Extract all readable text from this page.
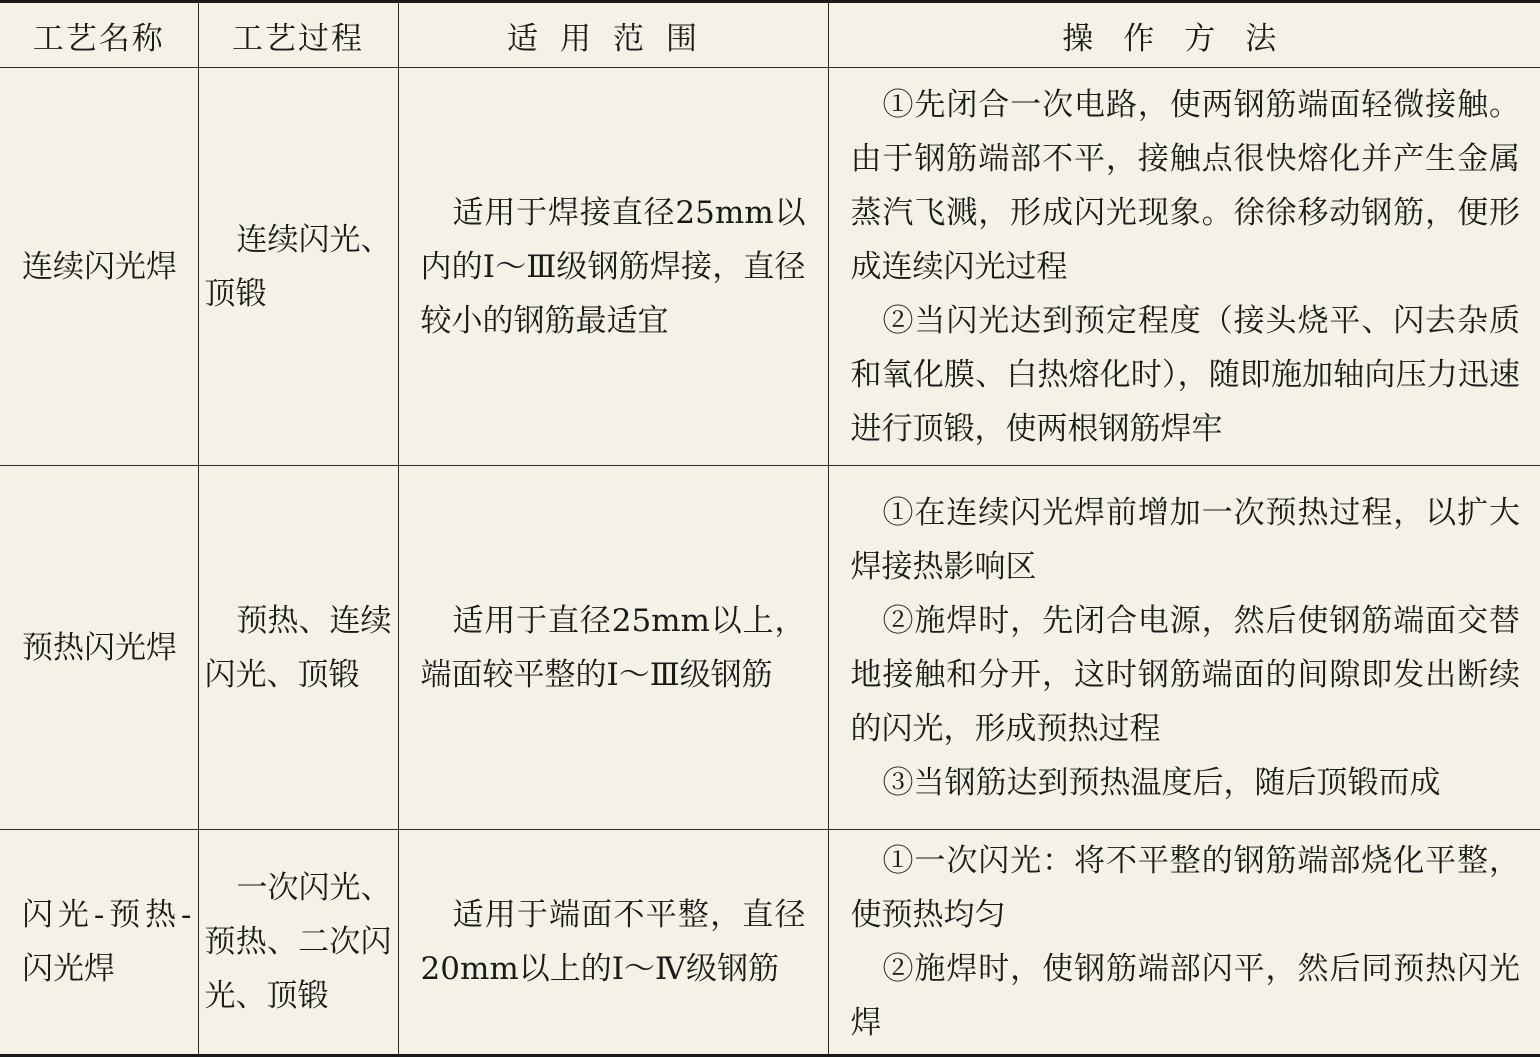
工艺名称	工艺过程	适用范围	操作方法
连续闪光焊	连续闪光、顶锻	适用于焊接直径25mm以内的Ⅰ～Ⅲ级钢筋焊接，直径较小的钢筋最适宜	①先闭合一次电路，使两钢筋端面轻微接触。由于钢筋端部不平，接触点很快熔化并产生金属蒸汽飞溅，形成闪光现象。徐徐移动钢筋，便形成连续闪光过程

②当闪光达到预定程度（接头烧平、闪去杂质和氧化膜、白热熔化时），随即施加轴向压力迅速进行顶锻，使两根钢筋焊牢

预热闪光焊	预热、连续闪光、顶锻	适用于直径25mm以上，端面较平整的Ⅰ～Ⅲ级钢筋	①在连续闪光焊前增加一次预热过程，以扩大焊接热影响区

②施焊时，先闭合电源，然后使钢筋端面交替地接触和分开，这时钢筋端面的间隙即发出断续的闪光，形成预热过程

③当钢筋达到预热温度后，随后顶锻而成

闪光-预热-闪光焊	一次闪光、预热、二次闪光、顶锻	适用于端面不平整，直径20mm以上的Ⅰ～Ⅳ级钢筋	①一次闪光：将不平整的钢筋端部烧化平整，使预热均匀

②施焊时，使钢筋端部闪平，然后同预热闪光焊
